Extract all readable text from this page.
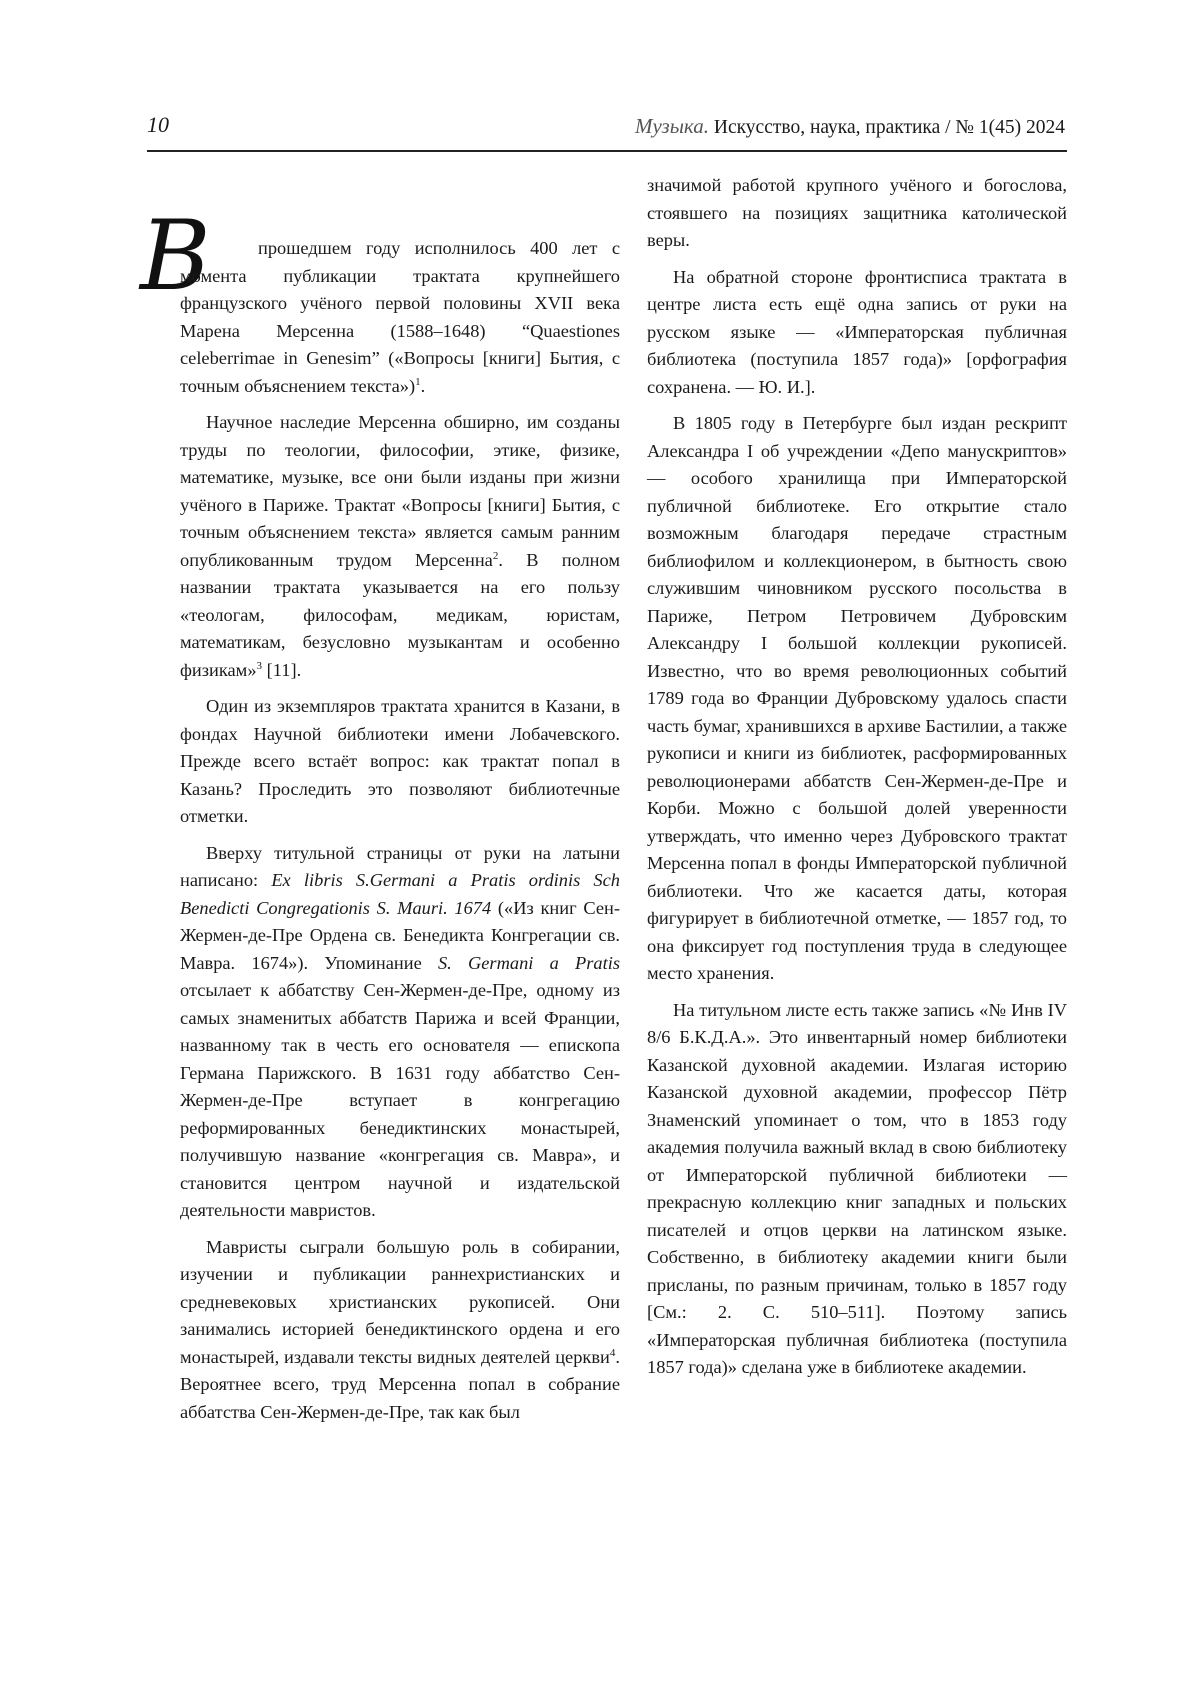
10	Музыка. Искусство, наука, практика / № 1(45) 2024
В	прошедшем году исполнилось 400 лет с момента публикации трактата крупнейшего французского учёного первой половины XVII века Марена Мерсенна (1588–1648) “Quaestiones celeberrimae in Genesim” («Вопросы [книги] Бытия, с точным объяснением текста»)$^1$.

Научное наследие Мерсенна обширно, им созданы труды по теологии, философии, этике, физике, математике, музыке, все они были изданы при жизни учёного в Париже. Трактат «Вопросы [книги] Бытия, с точным объяснением текста» является самым ранним опубликованным трудом Мерсенна$^2$. В полном названии трактата указывается на его пользу «теологам, философам, медикам, юристам, математикам, безусловно музыкантам и особенно физикам»$^3$ [11].

Один из экземпляров трактата хранится в Казани, в фондах Научной библиотеки имени Лобачевского. Прежде всего встаёт вопрос: как трактат попал в Казань? Проследить это позволяют библиотечные отметки.

Вверху титульной страницы от руки на латыни написано: Ex libris S.Germani a Pratis ordinis Sch Benedicti Congregationis S. Mauri. 1674 («Из книг Сен-Жермен-де-Пре Ордена св. Бенедикта Конгрегации св. Мавра. 1674»). Упоминание S. Germani a Pratis отсылает к аббатству Сен-Жермен-де-Пре, одному из самых знаменитых аббатств Парижа и всей Франции, названному так в честь его основателя — епископа Германа Парижского. В 1631 году аббатство Сен-Жермен-де-Пре вступает в конгрегацию реформированных бенедиктинских монастырей, получившую название «конгрегация св. Мавра», и становится центром научной и издательской деятельности мавристов.

Мавристы сыграли большую роль в собирании, изучении и публикации раннехристианских и средневековых христианских рукописей. Они занимались историей бенедиктинского ордена и его монастырей, издавали тексты видных деятелей церкви$^4$. Вероятнее всего, труд Мерсенна попал в собрание аббатства Сен-Жермен-де-Пре, так как был

значимой работой крупного учёного и богослова, стоявшего на позициях защитника католической веры.

На обратной стороне фронтисписа трактата в центре листа есть ещё одна запись от руки на русском языке — «Императорская публичная библиотека (поступила 1857 года)» [орфография сохранена. — Ю. И.].

В 1805 году в Петербурге был издан рескрипт Александра I об учреждении «Депо манускриптов» — особого хранилища при Императорской публичной библиотеке. Его открытие стало возможным благодаря передаче страстным библиофилом и коллекционером, в бытность свою служившим чиновником русского посольства в Париже, Петром Петровичем Дубровским Александру I большой коллекции рукописей. Известно, что во время революционных событий 1789 года во Франции Дубровскому удалось спасти часть бумаг, хранившихся в архиве Бастилии, а также рукописи и книги из библиотек, расформированных революционерами аббатств Сен-Жермен-де-Пре и Корби. Можно с большой долей уверенности утверждать, что именно через Дубровского трактат Мерсенна попал в фонды Императорской публичной библиотеки. Что же касается даты, которая фигурирует в библиотечной отметке, — 1857 год, то она фиксирует год поступления труда в следующее место хранения.

На титульном листе есть также запись «№ Инв IV 8/6 Б.К.Д.А.». Это инвентарный номер библиотеки Казанской духовной академии. Излагая историю Казанской духовной академии, профессор Пётр Знаменский упоминает о том, что в 1853 году академия получила важный вклад в свою библиотеку от Императорской публичной библиотеки — прекрасную коллекцию книг западных и польских писателей и отцов церкви на латинском языке. Собственно, в библиотеку академии книги были присланы, по разным причинам, только в 1857 году [См.: 2. С. 510–511]. Поэтому запись «Императорская публичная библиотека (поступила 1857 года)» сделана уже в библиотеке академии.
